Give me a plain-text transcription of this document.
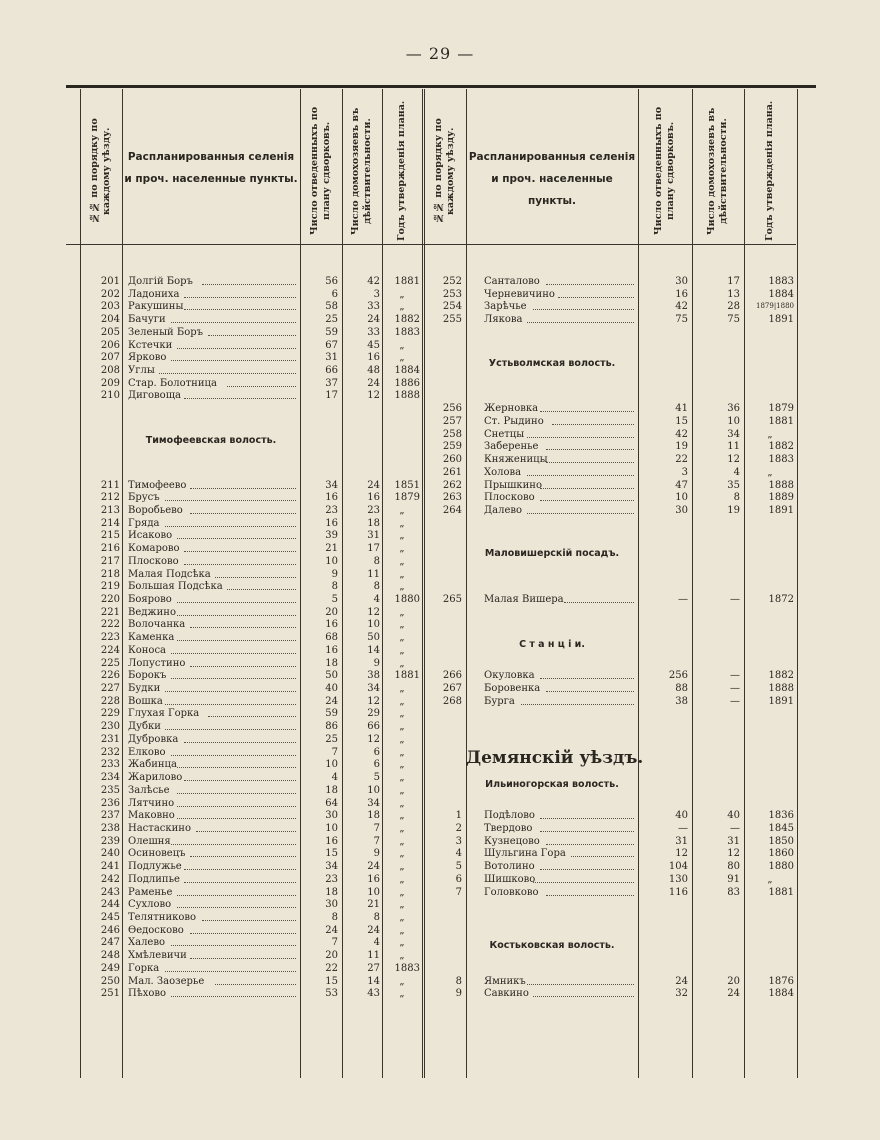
— 29 —
№№ по порядку по каждому уѣзду.	Распланированныя селенія
и проч. населенные пункты.	Число отведенныхъ по плану сдворковъ.	Число домохозяевъ въ дѣйствительности.	Годъ утвержденія плана.	№№ по порядку по каждому уѣзду.	Распланированныя селенія
и проч. населенные пункты.	Число отведенныхъ по плану сдворковъ.	Число домохозяевъ въ дѣйствительности.	Годъ утвержденія плана.
201 Долгій Боръ	56	42	1881
202 Ладониха	6	3	„
203 Ракушины	58	33	„
204 Бачуги	25	24	1882
205 Зеленый Боръ	59	33	1883
206 Кстечки	67	45	„
207 Ярково	31	16	„
208 Углы	66	48	1884
209 Стар. Болотница	37	24	1886
210 Диговоща	17	12	1888
211 Тимофеево	34	24	1851
212 Брусъ	16	16	1879
213 Воробьево	23	23	„
214 Гряда	16	18	„
215 Исаково	39	31	„
216 Комарово	21	17	„
217 Плосково	10	8	„
218 Малая Подсѣка	9	11	„
219 Большая Подсѣка	8	8	„
220 Боярово	5	4	1880
221 Веджино	20	12	„
222 Волочанка	16	10	„
223 Каменка	68	50	„
224 Коноса	16	14	„
225 Лопустино	18	9	„
226 Борокъ	50	38	1881
227 Будки	40	34	„
228 Вошка	24	12	„
229 Глухая Горка	59	29	„
230 Дубки	86	66	„
231 Дубровка	25	12	„
232 Елково	7	6	„
233 Жабинца	10	6	„
234 Жарилово	4	5	„
235 Залѣсье	18	10	„
236 Лятчино	64	34	„
237 Маковно	30	18	„
238 Настаскино	10	7	„
239 Олешня	16	7	„
240 Осиновецъ	15	9	„
241 Подлужье	34	24	„
242 Подлипье	23	16	„
243 Раменье	18	10	„
244 Сухлово	30	21	„
245 Телятниково	8	8	„
246 Ѳедосково	24	24	„
247 Халево	7	4	„
248 Хмѣлевичи	20	11	„
249 Горка	22	27	1883
250 Мал. Заозерье	15	14	„
251 Пѣхово	53	43	„
252 Санталово	30	17	1883
253 Черневичино	16	13	1884
254 Зарѣчье	42	28	1879|1880
255 Лякова	75	75	1891
256 Жерновка	41	36	1879
257 Ст. Рыдино	15	10	1881
258 Снетцы	42	34	„
259 Заберенье	19	11	1882
260 Княженицы	22	12	1883
261 Холова	3	4	„
262 Прышкино	47	35	1888
263 Плосково	10	8	1889
264 Далево	30	19	1891
265 Малая Вишера	—	—	1872
266 Окуловка	256	—	1882
267 Боровенка	88	—	1888
268 Бурга	38	—	1891
1 Подѣлово	40	40	1836
2 Твердово	—	—	1845
3 Кузнецово	31	31	1850
4 Шульгина Гора	12	12	1860
5 Вотолино	104	80	1880
6 Шишково	130	91	„
7 Головково	116	83	1881
8 Ямникъ	24	20	1876
9 Савкино	32	24	1884
Тимофеевская волость.
Устьволмская волость.
Маловишерскій посадъ.
С т а н ц і и.
Демянскій уѣздъ.
Ильиногорская волость.
Костьковская волость.
